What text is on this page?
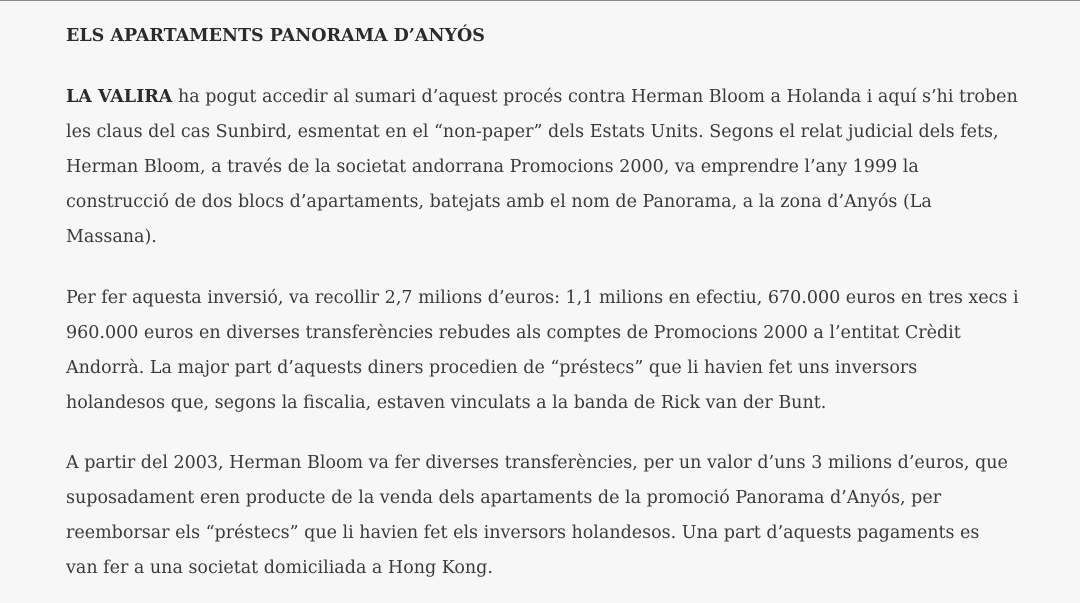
ELS APARTAMENTS PANORAMA D’ANYÓS

LA VALIRA ha pogut accedir al sumari d’aquest procés contra Herman Bloom a Holanda i aquí s’hi troben
les claus del cas Sunbird, esmentat en el “non-paper” dels Estats Units. Segons el relat judicial dels fets,
Herman Bloom, a través de la societat andorrana Promocions 2000, va emprendre l’any 1999 la
construcció de dos blocs d’apartaments, batejats amb el nom de Panorama, a la zona d’Anyós (La
Massana).

Per fer aquesta inversió, va recollir 2,7 milions d’euros: 1,1 milions en efectiu, 670.000 euros en tres xecs i
960.000 euros en diverses transferències rebudes als comptes de Promocions 2000 a l’entitat Crèdit
Andorrà. La major part d’aquests diners procedien de “préstecs” que li havien fet uns inversors
holandesos que, segons la fiscalia, estaven vinculats a la banda de Rick van der Bunt.

A partir del 2003, Herman Bloom va fer diverses transferències, per un valor d’uns 3 milions d’euros, que
suposadament eren producte de la venda dels apartaments de la promoció Panorama d’Anyós, per
reemborsar els “préstecs” que li havien fet els inversors holandesos. Una part d’aquests pagaments es
van fer a una societat domiciliada a Hong Kong.
